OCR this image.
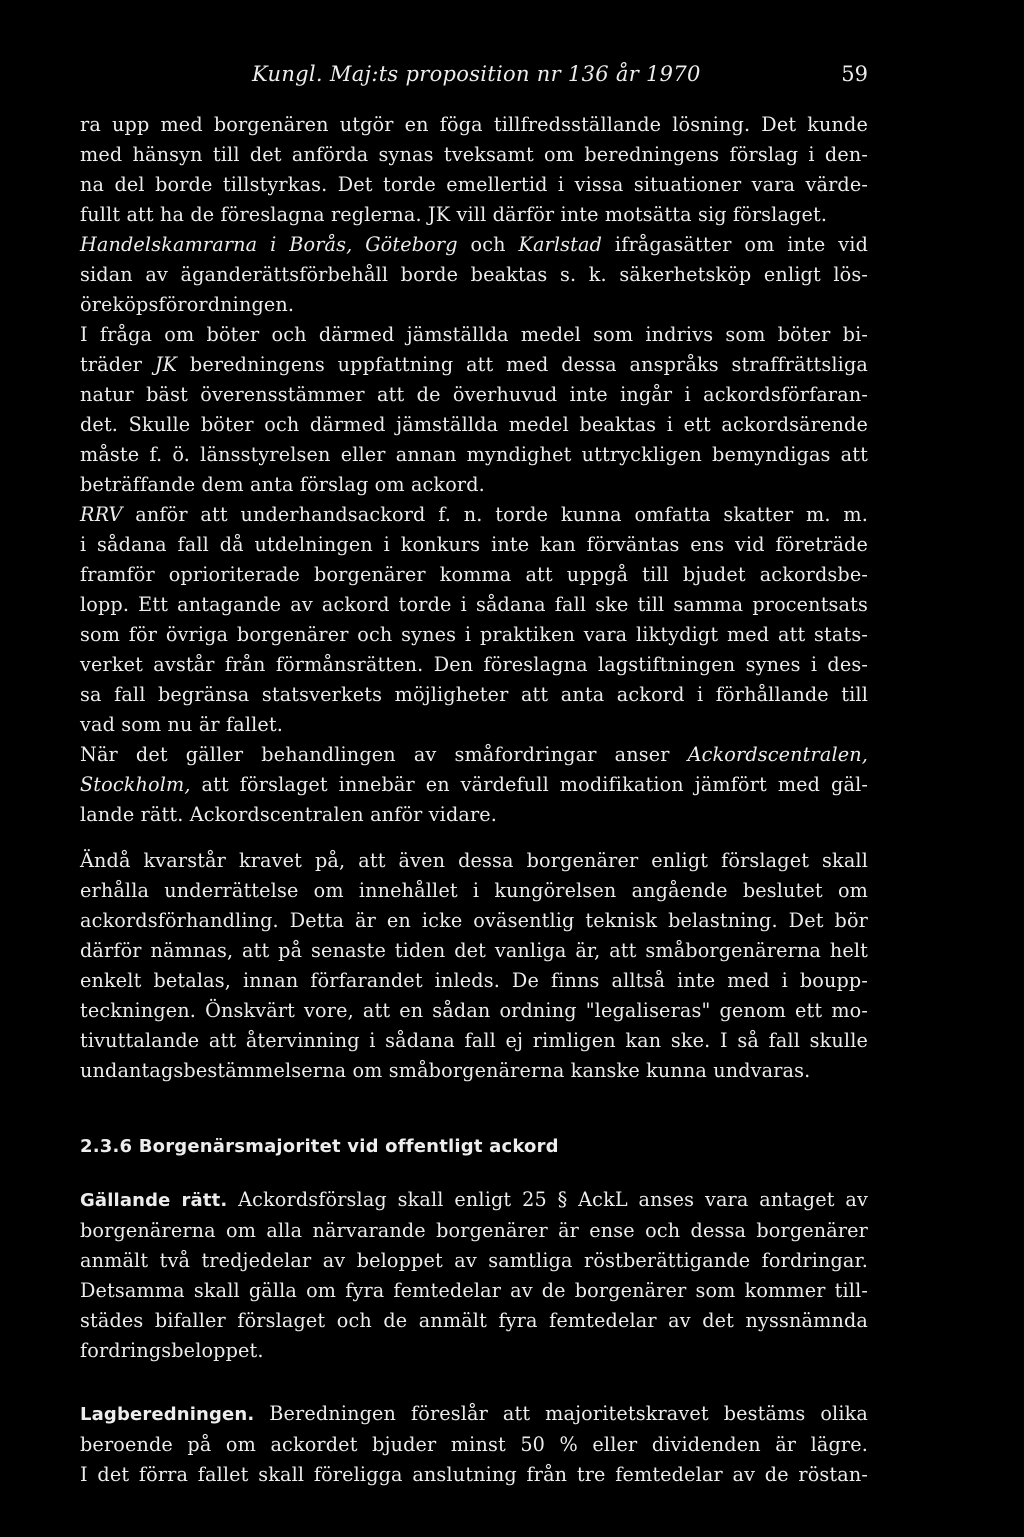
Kungl. Maj:ts proposition nr 136 år 1970	59

ra upp med borgenären utgör en föga tillfredsställande lösning. Det kunde
med hänsyn till det anförda synas tveksamt om beredningens förslag i den-
na del borde tillstyrkas. Det torde emellertid i vissa situationer vara värde-
fullt att ha de föreslagna reglerna. JK vill därför inte motsätta sig förslaget.

Handelskamrarna i Borås, Göteborg och Karlstad ifrågasätter om inte vid
sidan av äganderättsförbehåll borde beaktas s. k. säkerhetsköp enligt lös-
öreköpsförordningen.

I fråga om böter och därmed jämställda medel som indrivs som böter bi-
träder JK beredningens uppfattning att med dessa anspråks straffrättsliga
natur bäst överensstämmer att de överhuvud inte ingår i ackordsförfaran-
det. Skulle böter och därmed jämställda medel beaktas i ett ackordsärende
måste f. ö. länsstyrelsen eller annan myndighet uttryckligen bemyndigas att
beträffande dem anta förslag om ackord.

RRV anför att underhandsackord f. n. torde kunna omfatta skatter m. m.
i sådana fall då utdelningen i konkurs inte kan förväntas ens vid företräde
framför oprioriterade borgenärer komma att uppgå till bjudet ackordsbe-
lopp. Ett antagande av ackord torde i sådana fall ske till samma procentsats
som för övriga borgenärer och synes i praktiken vara liktydigt med att stats-
verket avstår från förmånsrätten. Den föreslagna lagstiftningen synes i des-
sa fall begränsa statsverkets möjligheter att anta ackord i förhållande till
vad som nu är fallet.

När det gäller behandlingen av småfordringar anser Ackordscentralen,
Stockholm, att förslaget innebär en värdefull modifikation jämfört med gäl-
lande rätt. Ackordscentralen anför vidare.

Ändå kvarstår kravet på, att även dessa borgenärer enligt förslaget skall
erhålla underrättelse om innehållet i kungörelsen angående beslutet om
ackordsförhandling. Detta är en icke oväsentlig teknisk belastning. Det bör
därför nämnas, att på senaste tiden det vanliga är, att småborgenärerna helt
enkelt betalas, innan förfarandet inleds. De finns alltså inte med i boupp-
teckningen. Önskvärt vore, att en sådan ordning "legaliseras" genom ett mo-
tivuttalande att återvinning i sådana fall ej rimligen kan ske. I så fall skulle
undantagsbestämmelserna om småborgenärerna kanske kunna undvaras.

2.3.6 Borgenärsmajoritet vid offentligt ackord

Gällande rätt. Ackordsförslag skall enligt 25 § AckL anses vara antaget av
borgenärerna om alla närvarande borgenärer är ense och dessa borgenärer
anmält två tredjedelar av beloppet av samtliga röstberättigande fordringar.
Detsamma skall gälla om fyra femtedelar av de borgenärer som kommer till-
städes bifaller förslaget och de anmält fyra femtedelar av det nyssnämnda
fordringsbeloppet.

Lagberedningen. Beredningen föreslår att majoritetskravet bestäms olika
beroende på om ackordet bjuder minst 50 % eller dividenden är lägre.
I det förra fallet skall föreligga anslutning från tre femtedelar av de röstan-
